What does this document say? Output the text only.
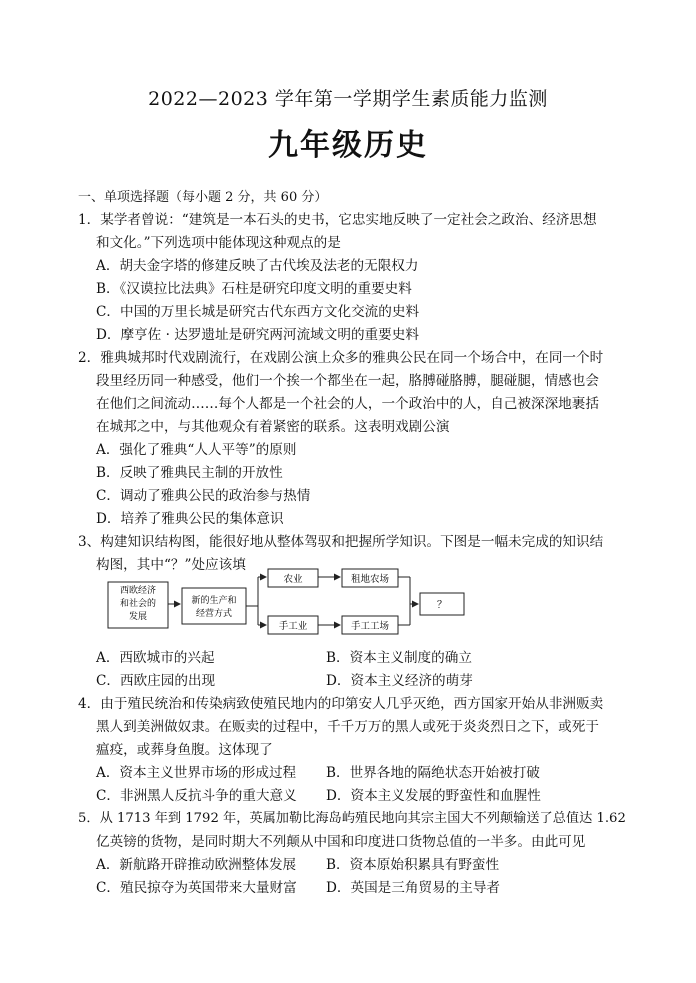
2022—2023 学年第一学期学生素质能力监测
九年级历史
一、单项选择题（每小题 2 分，共 60 分）
1．某学者曾说：“建筑是一本石头的史书，它忠实地反映了一定社会之政治、经济思想
和文化。”下列选项中能体现这种观点的是
A．胡夫金字塔的修建反映了古代埃及法老的无限权力
B．《汉谟拉比法典》石柱是研究印度文明的重要史料
C．中国的万里长城是研究古代东西方文化交流的史料
D．摩亨佐 · 达罗遗址是研究两河流域文明的重要史料
2．雅典城邦时代戏剧流行，在戏剧公演上众多的雅典公民在同一个场合中，在同一个时
段里经历同一种感受，他们一个挨一个都坐在一起，胳膊碰胳膊，腿碰腿，情感也会
在他们之间流动……每个人都是一个社会的人，一个政治中的人，自己被深深地裹括
在城邦之中，与其他观众有着紧密的联系。这表明戏剧公演
A．强化了雅典“人人平等”的原则
B．反映了雅典民主制的开放性
C．调动了雅典公民的政治参与热情
D．培养了雅典公民的集体意识
3、构建知识结构图，能很好地从整体驾驭和把握所学知识。下图是一幅未完成的知识结
构图，其中“？”处应该填
西欧经济
和社会的
发展
新的生产和
经营方式
农业	租地农场
手工业	手工工场
？
A．西欧城市的兴起	B．资本主义制度的确立
C．西欧庄园的出现	D．资本主义经济的萌芽
4．由于殖民统治和传染病致使殖民地内的印第安人几乎灭绝，西方国家开始从非洲贩卖
黑人到美洲做奴隶。在贩卖的过程中，千千万万的黑人或死于炎炎烈日之下，或死于
瘟疫，或葬身鱼腹。这体现了
A．资本主义世界市场的形成过程 B．世界各地的隔绝状态开始被打破
C．非洲黑人反抗斗争的重大意义 D．资本主义发展的野蛮性和血腥性
5．从 1713 年到 1792 年，英属加勒比海岛屿殖民地向其宗主国大不列颠输送了总值达 1.62
亿英镑的货物，是同时期大不列颠从中国和印度进口货物总值的一半多。由此可见
A．新航路开辟推动欧洲整体发展 B．资本原始积累具有野蛮性
C．殖民掠夺为英国带来大量财富 D．英国是三角贸易的主导者
